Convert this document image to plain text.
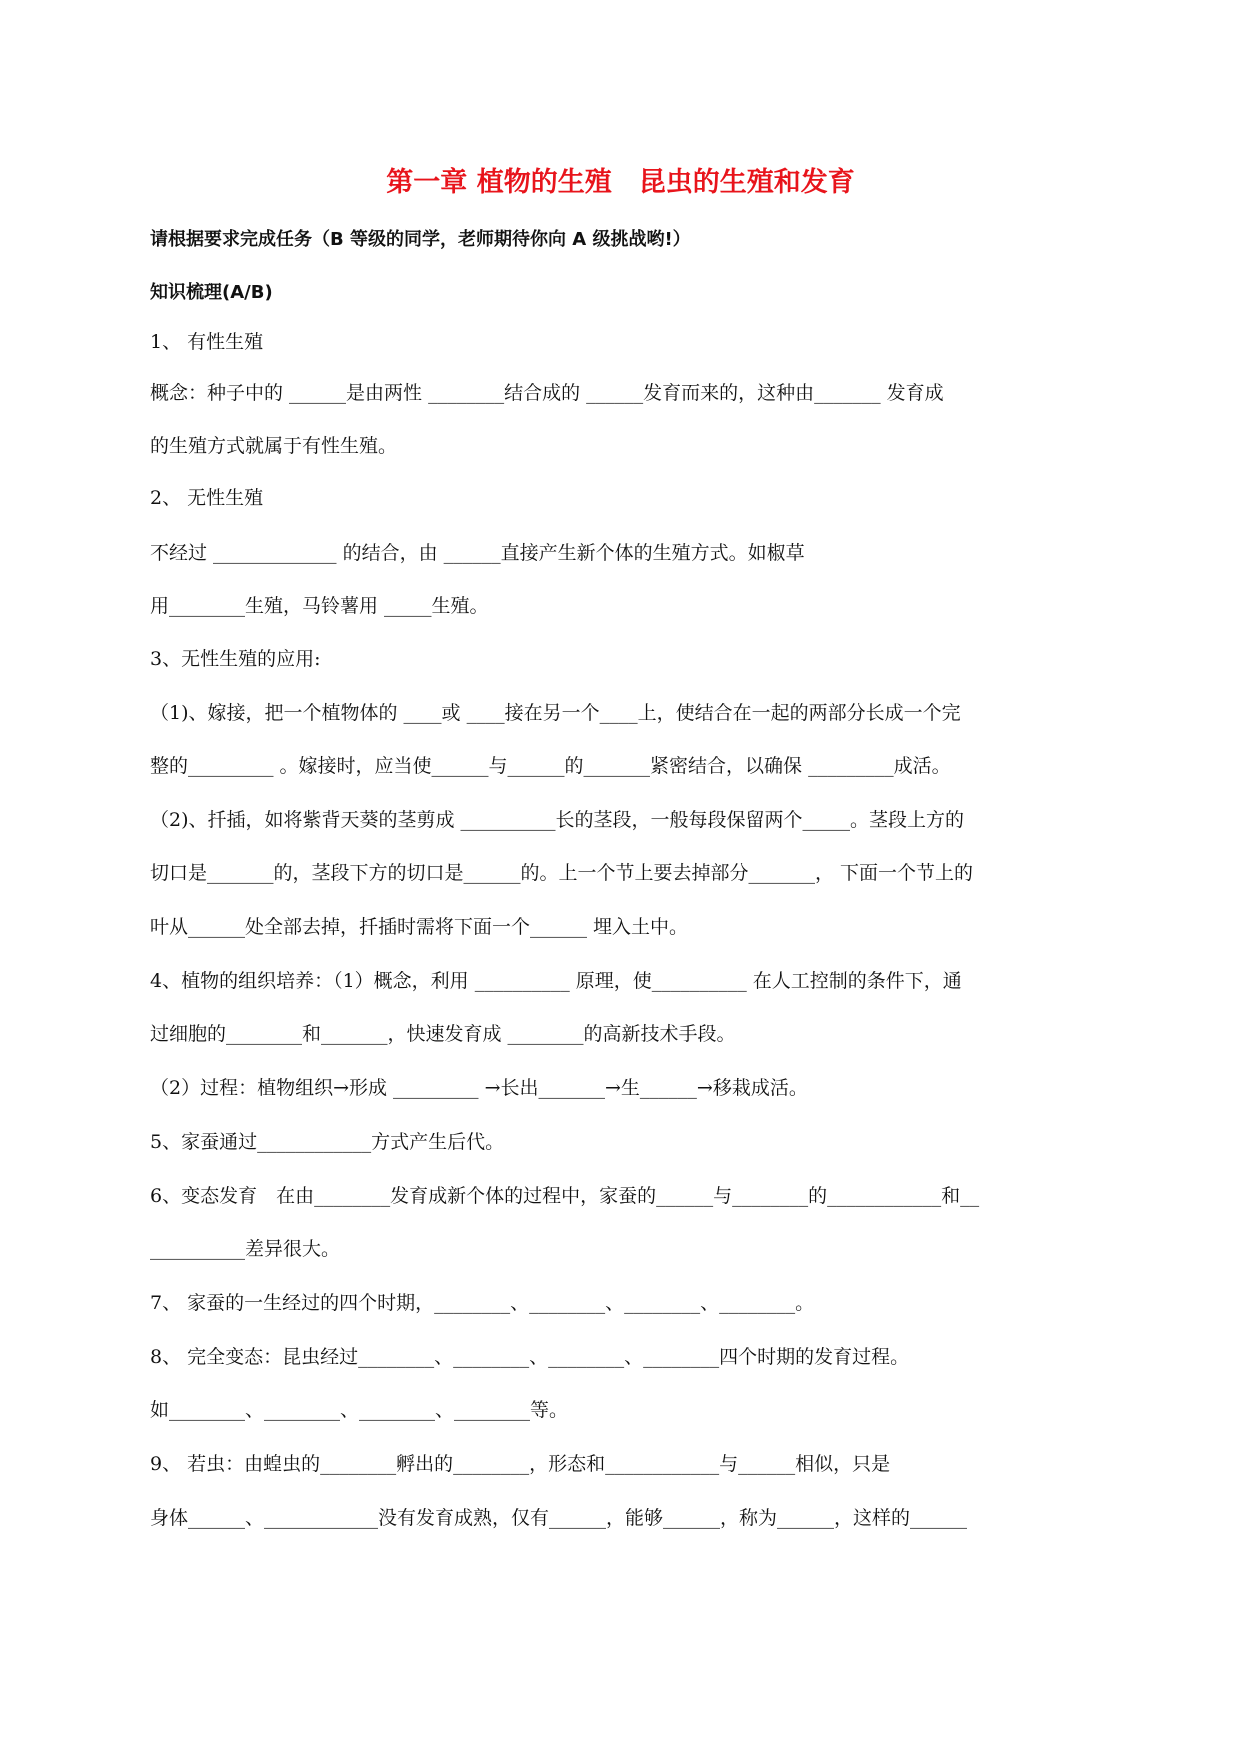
第一章 植物的生殖　昆虫的生殖和发育
请根据要求完成任务（B 等级的同学，老师期待你向 A 级挑战哟!）
知识梳理(A/B)
1、 有性生殖
概念：种子中的 ______是由两性 ________结合成的 ______发育而来的，这种由_______ 发育成
的生殖方式就属于有性生殖。
2、 无性生殖
不经过 _____________ 的结合，由 ______直接产生新个体的生殖方式。如椒草
用________生殖，马铃薯用 _____生殖。
3、无性生殖的应用:
（1)、嫁接，把一个植物体的 ____或 ____接在另一个____上，使结合在一起的两部分长成一个完
整的_________ 。嫁接时，应当使______与______的_______紧密结合，以确保 _________成活。
（2)、扦插，如将紫背天葵的茎剪成 __________长的茎段，一般每段保留两个_____。茎段上方的
切口是_______的，茎段下方的切口是______的。上一个节上要去掉部分_______， 下面一个节上的
叶从______处全部去掉，扦插时需将下面一个______ 埋入土中。
4、植物的组织培养：（1）概念，利用 __________ 原理，使__________ 在人工控制的条件下，通
过细胞的________和_______，快速发育成 ________的高新技术手段。
（2）过程：植物组织→形成 _________ →长出_______→生______→移栽成活。
5、家蚕通过____________方式产生后代。
6、变态发育　在由________发育成新个体的过程中，家蚕的______与________的____________和__
__________差异很大。
7、 家蚕的一生经过的四个时期，________、________、________、________。
8、 完全变态：昆虫经过________、________、________、________四个时期的发育过程。
如________、________、________、________等。
9、 若虫：由蝗虫的________孵出的________，形态和____________与______相似，只是
身体______、____________没有发育成熟，仅有______，能够______，称为______，这样的______
